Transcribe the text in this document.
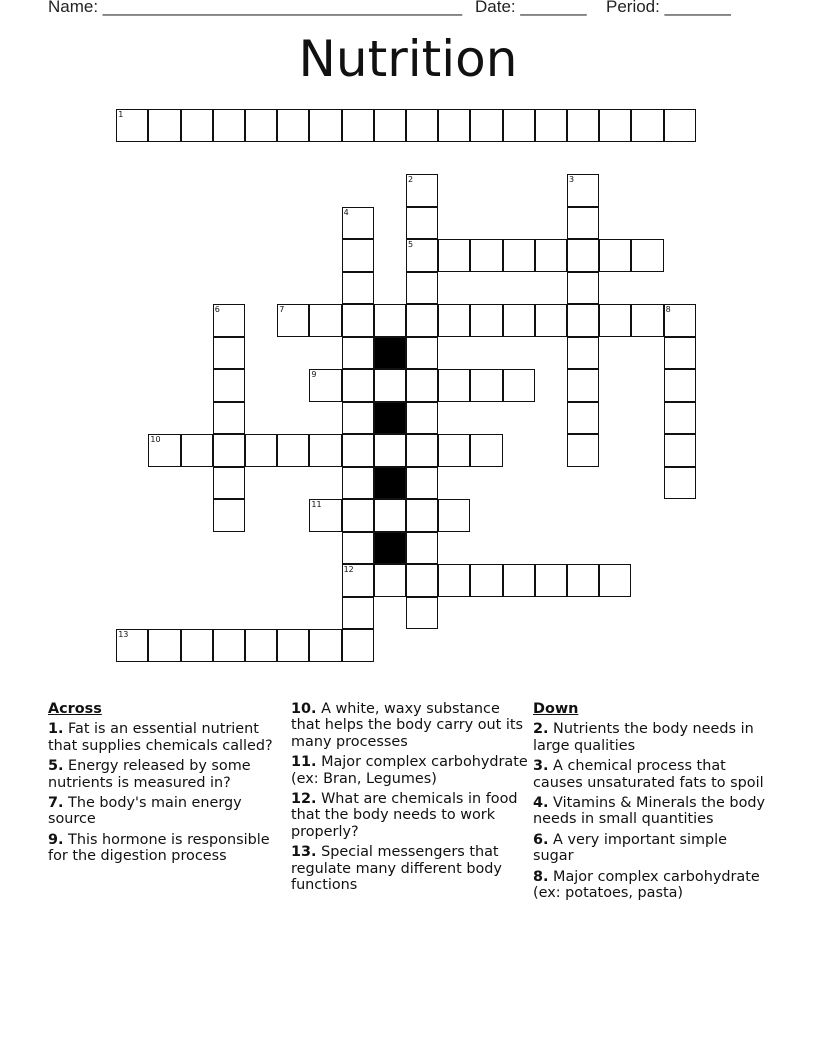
Name: ______________________________________ Date: _______ Period: _______
Nutrition
1
2
5
3
4
12
6	7	8
9
10
11
13
Across
1. Fat is an essential nutrient that supplies chemicals called?
5. Energy released by some nutrients is measured in?
7. The body's main energy source
9. This hormone is responsible for the digestion process
10. A white, waxy substance that helps the body carry out its many processes
11. Major complex carbohydrate (ex: Bran, Legumes)
12. What are chemicals in food that the body needs to work properly?
13. Special messengers that regulate many different body functions
Down
2. Nutrients the body needs in large qualities
3. A chemical process that causes unsaturated fats to spoil
4. Vitamins & Minerals the body needs in small quantities
6. A very important simple sugar
8. Major complex carbohydrate (ex: potatoes, pasta)
